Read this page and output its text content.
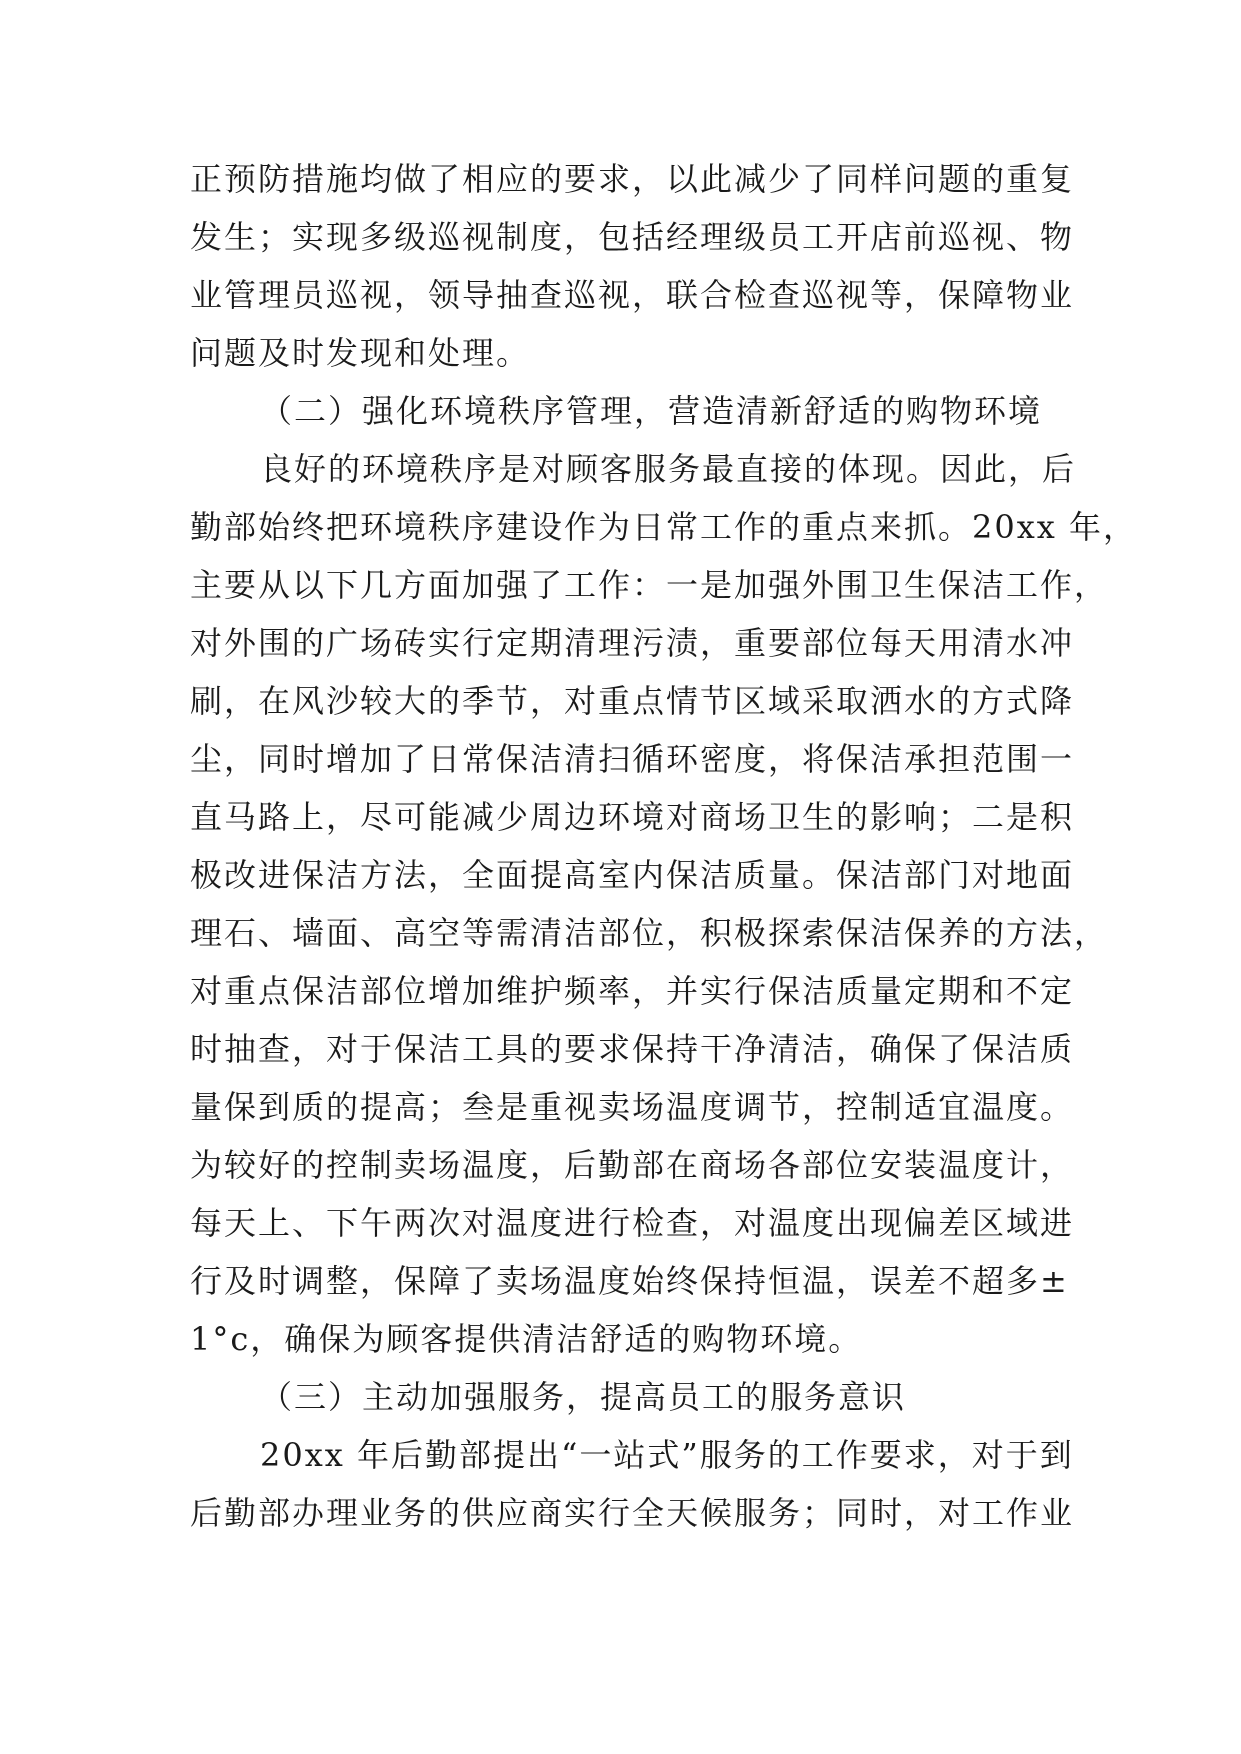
正预防措施均做了相应的要求，以此减少了同样问题的重复
发生；实现多级巡视制度，包括经理级员工开店前巡视、物
业管理员巡视，领导抽查巡视，联合检查巡视等，保障物业
问题及时发现和处理。
（二）强化环境秩序管理，营造清新舒适的购物环境
良好的环境秩序是对顾客服务最直接的体现。因此，后
勤部始终把环境秩序建设作为日常工作的重点来抓。20xx 年，
主要从以下几方面加强了工作：一是加强外围卫生保洁工作，
对外围的广场砖实行定期清理污渍，重要部位每天用清水冲
刷，在风沙较大的季节，对重点情节区域采取洒水的方式降
尘，同时增加了日常保洁清扫循环密度，将保洁承担范围一
直马路上，尽可能减少周边环境对商场卫生的影响；二是积
极改进保洁方法，全面提高室内保洁质量。保洁部门对地面
理石、墙面、高空等需清洁部位，积极探索保洁保养的方法，
对重点保洁部位增加维护频率，并实行保洁质量定期和不定
时抽查，对于保洁工具的要求保持干净清洁，确保了保洁质
量保到质的提高；叁是重视卖场温度调节，控制适宜温度。
为较好的控制卖场温度，后勤部在商场各部位安装温度计，
每天上、下午两次对温度进行检查，对温度出现偏差区域进
行及时调整，保障了卖场温度始终保持恒温，误差不超多±
1°c，确保为顾客提供清洁舒适的购物环境。
（三）主动加强服务，提高员工的服务意识
20xx 年后勤部提出“一站式”服务的工作要求，对于到
后勤部办理业务的供应商实行全天候服务；同时，对工作业
